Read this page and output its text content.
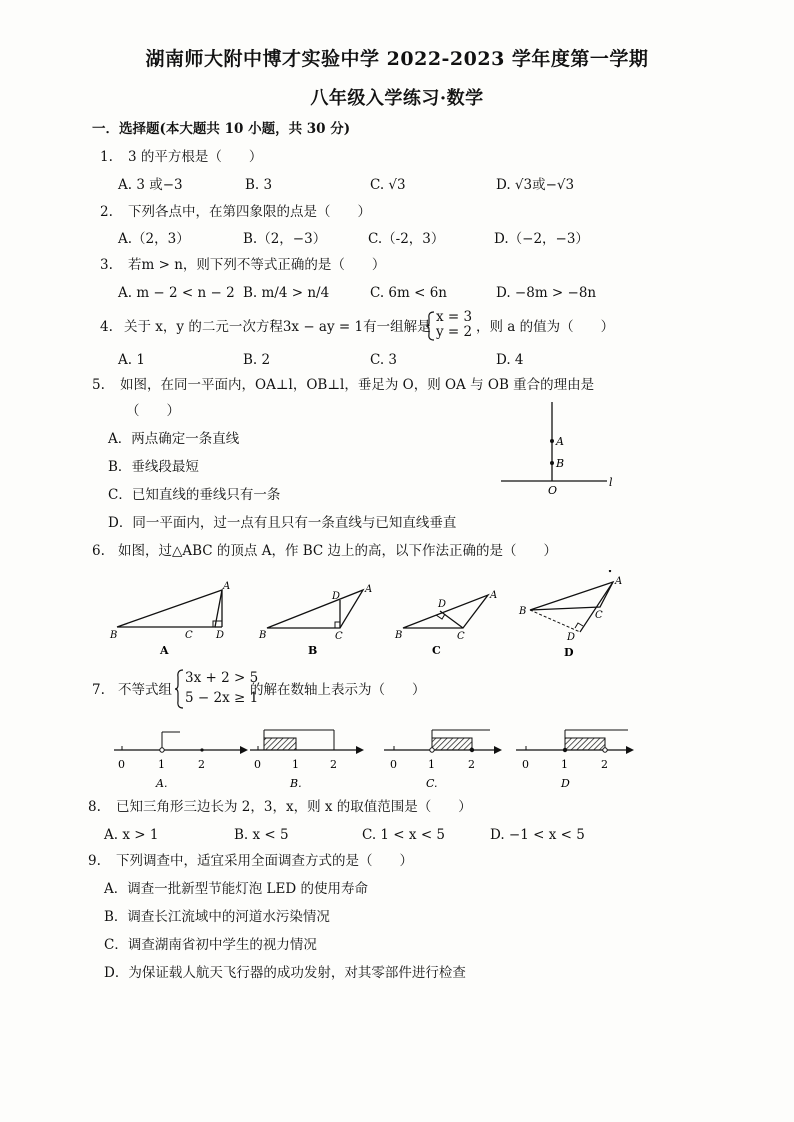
湖南师大附中博才实验中学 2022-2023 学年度第一学期
八年级入学练习·数学
一．选择题(本大题共 10 小题，共 30 分)
1. 3 的平方根是（　　）
A. 3 或−3	B. 3	C. √3	D. √3或−√3
2. 下列各点中，在第四象限的点是（　　）
A.（2，3）	B.（2，−3）	C.（-2，3）	D.（−2，−3）
3. 若m > n，则下列不等式正确的是（　　）
A. m − 2 < n − 2 B. m/4 > n/4	C. 6m < 6n	D. −8m > −8n
4. 关于 x，y 的二元一次方程3x − ay = 1有一组解是
x = 3
y = 2 ，则 a 的值为（　　）
A. 1	B. 2	C. 3	D. 4
5. 如图，在同一平面内，OA⊥l，OB⊥l，垂足为 O，则 OA 与 OB 重合的理由是
（　　）
A．两点确定一条直线
B．垂线段最短
C．已知直线的垂线只有一条
D．同一平面内，过一点有且只有一条直线与已知直线垂直
A
B
O
l
6. 如图，过△ABC 的顶点 A，作 BC 边上的高，以下作法正确的是（　　）
B	C D
A
A
B	C
D
A
B
B	C
D
A
C
B	C
A
D
D
7. 不等式组
3x + 2 > 5
5 − 2x ≥ 1
的解在数轴上表示为（　　）
0	1	2
A.
0	1	2
B.
0	1	2
C.
0	1	2
D
8. 已知三角形三边长为 2，3，x，则 x 的取值范围是（　　）
A. x > 1	B. x < 5	C. 1 < x < 5	D. −1 < x < 5
9. 下列调查中，适宜采用全面调查方式的是（　　）
A．调查一批新型节能灯泡 LED 的使用寿命
B．调查长江流域中的河道水污染情况
C．调查湖南省初中学生的视力情况
D．为保证载人航天飞行器的成功发射，对其零部件进行检查
